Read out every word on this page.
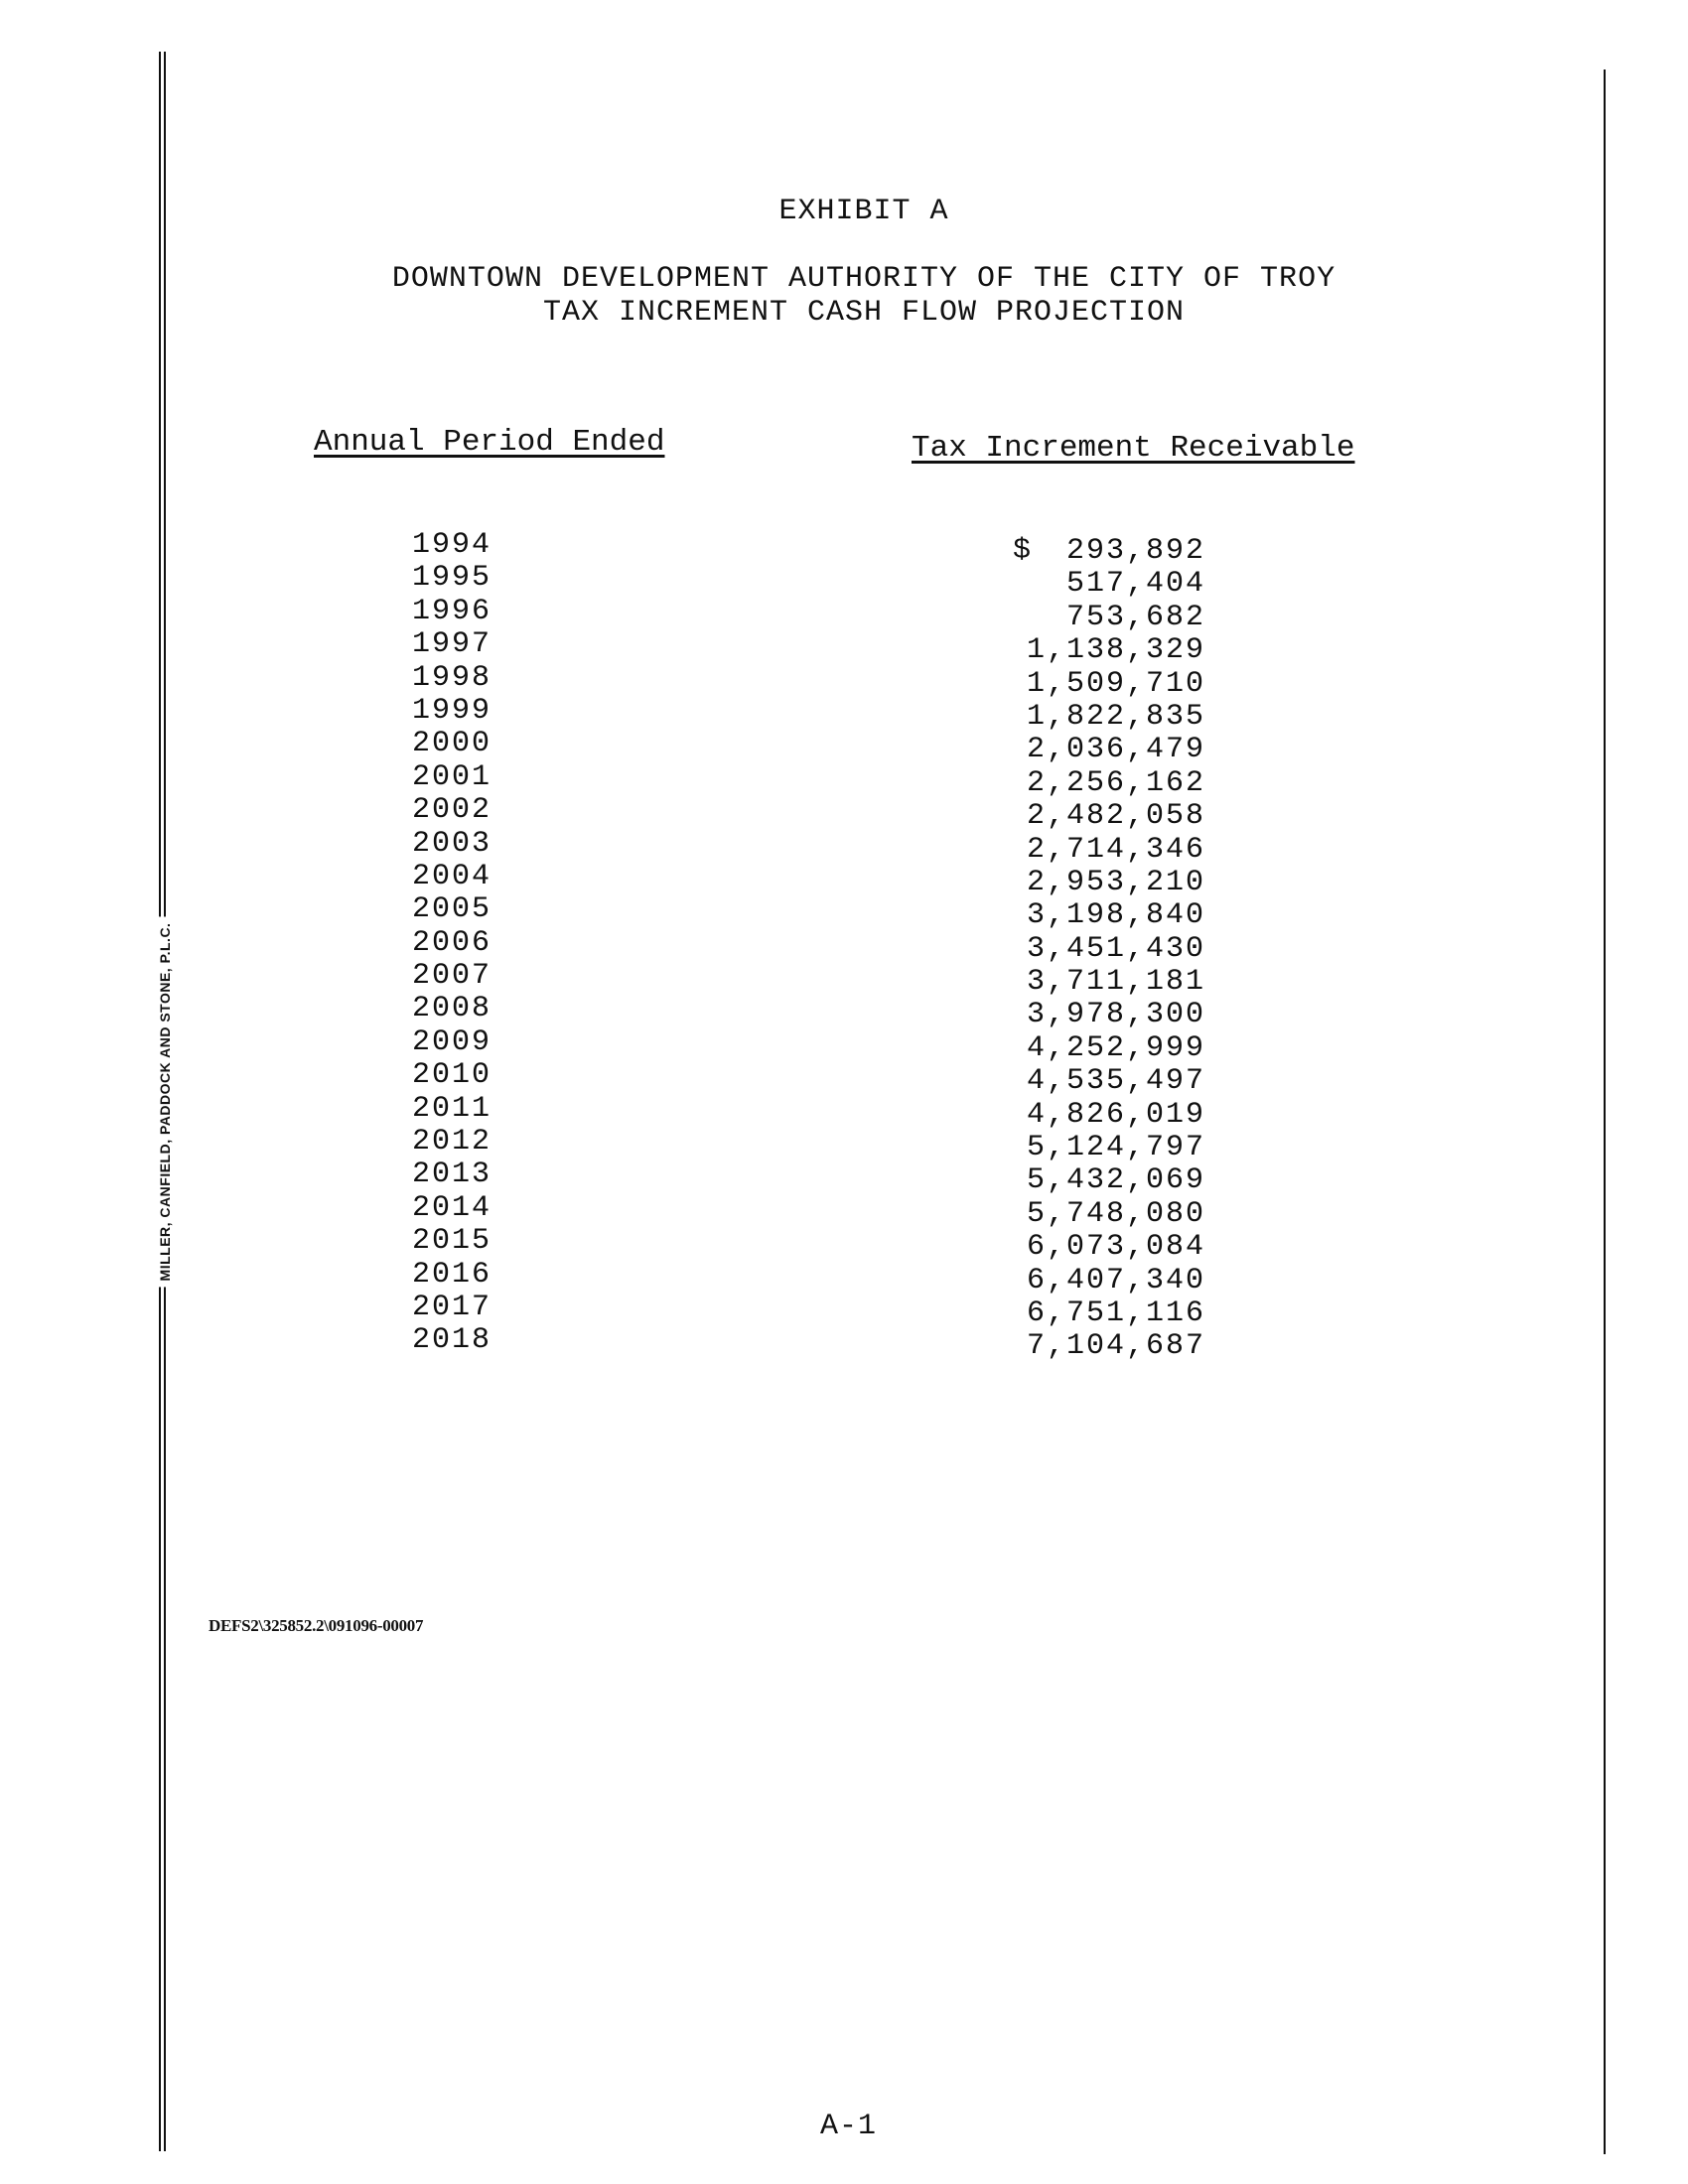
MILLER, CANFIELD, PADDOCK AND STONE, P.L.C.
EXHIBIT A
DOWNTOWN DEVELOPMENT AUTHORITY OF THE CITY OF TROY
TAX INCREMENT CASH FLOW PROJECTION
Annual Period Ended	Tax Increment Receivable
1994	$ 293,892
1995	517,404
1996	753,682
1997	1,138,329
1998	1,509,710
1999	1,822,835
2000	2,036,479
2001	2,256,162
2002	2,482,058
2003	2,714,346
2004	2,953,210
2005	3,198,840
2006	3,451,430
2007	3,711,181
2008	3,978,300
2009	4,252,999
2010	4,535,497
2011	4,826,019
2012	5,124,797
2013	5,432,069
2014	5,748,080
2015	6,073,084
2016	6,407,340
2017	6,751,116
2018	7,104,687
DEFS2\325852.2\091096-00007
A-1
